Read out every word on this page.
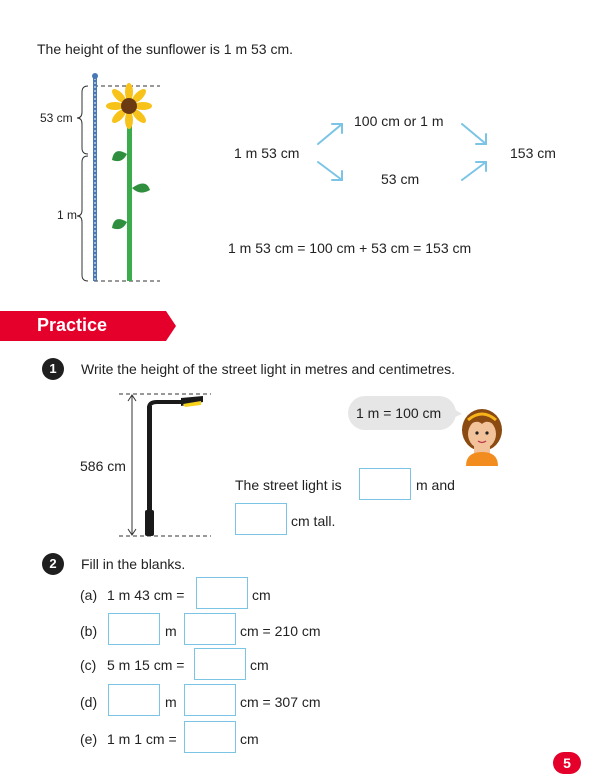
The height of the sunflower is 1 m 53 cm.
53 cm
1 m
1 m 53 cm
100 cm or 1 m
53 cm
153 cm
1 m 53 cm = 100 cm + 53 cm = 153 cm
Practice
1	Write the height of the street light in metres and centimetres.
586 cm
1 m = 100 cm
The street light is	m and
cm tall.
2	Fill in the blanks.
(a) 1 m 43 cm =	cm
(b)	m	cm = 210 cm
(c) 5 m 15 cm =	cm
(d)	m	cm = 307 cm
(e) 1 m 1 cm =	cm
5
